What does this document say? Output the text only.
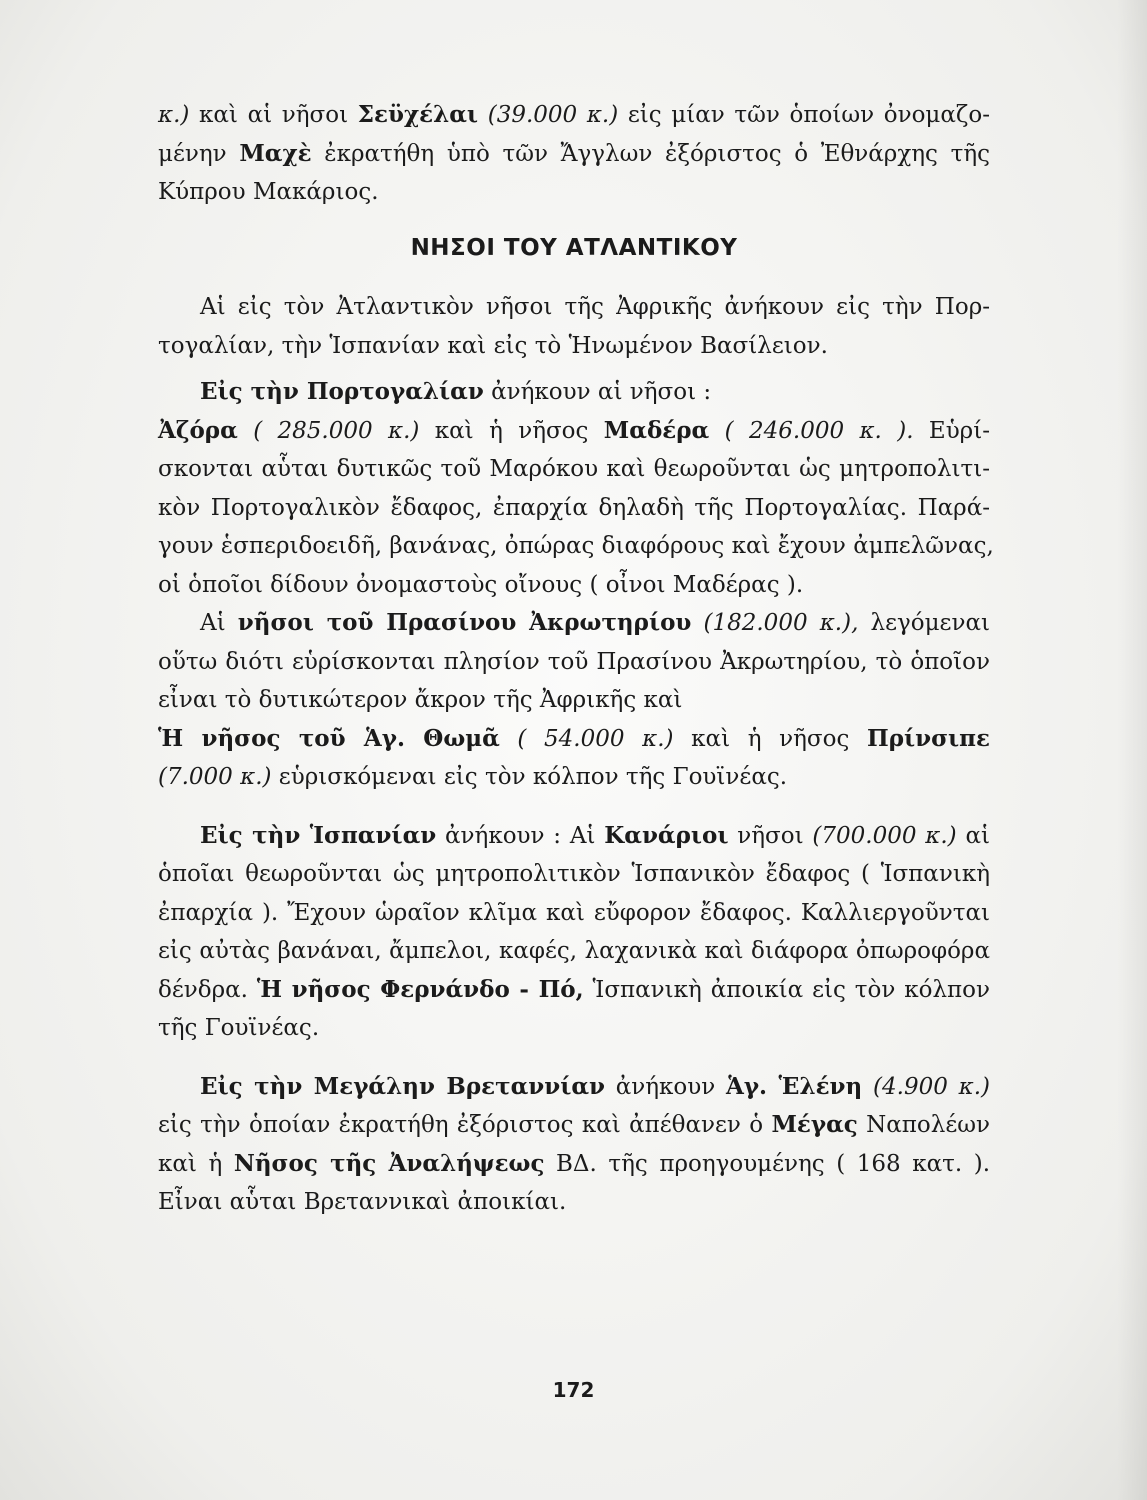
κ.) καὶ αἱ νῆσοι Σεϋχέλαι (39.000 κ.) εἰς μίαν τῶν ὁποίων ὀνομαζο-
μένην Μαχὲ ἐκρατήθη ὑπὸ τῶν Ἄγγλων ἐξόριστος ὁ Ἐθνάρχης τῆς
Κύπρου Μακάριος.
ΝΗΣΟΙ ΤΟΥ ΑΤΛΑΝΤΙΚΟΥ
Αἱ εἰς τὸν Ἀτλαντικὸν νῆσοι τῆς Ἀφρικῆς ἀνήκουν εἰς τὴν Πορ-
τογαλίαν, τὴν Ἱσπανίαν καὶ εἰς τὸ Ἡνωμένον Βασίλειον.
Εἰς τὴν Πορτογαλίαν ἀνήκουν αἱ νῆσοι :
Ἀζόρα ( 285.000 κ.) καὶ ἡ νῆσος Μαδέρα ( 246.000 κ. ). Εὑρί-
σκονται αὗται δυτικῶς τοῦ Μαρόκου καὶ θεωροῦνται ὡς μητροπολιτι-
κὸν Πορτογαλικὸν ἔδαφος, ἐπαρχία δηλαδὴ τῆς Πορτογαλίας. Παρά-
γουν ἑσπεριδοειδῆ, βανάνας, ὀπώρας διαφόρους καὶ ἔχουν ἀμπελῶνας,
οἱ ὁποῖοι δίδουν ὀνομαστοὺς οἴνους ( οἶνοι Μαδέρας ).
Αἱ νῆσοι τοῦ Πρασίνου Ἀκρωτηρίου (182.000 κ.), λεγόμεναι
οὕτω διότι εὑρίσκονται πλησίον τοῦ Πρασίνου Ἀκρωτηρίου, τὸ ὁποῖον
εἶναι τὸ δυτικώτερον ἄκρον τῆς Ἀφρικῆς καὶ
Ἡ νῆσος τοῦ Ἁγ. Θωμᾶ ( 54.000 κ.) καὶ ἡ νῆσος Πρίνσιπε
(7.000 κ.) εὑρισκόμεναι εἰς τὸν κόλπον τῆς Γουϊνέας.
Εἰς τὴν Ἱσπανίαν ἀνήκουν : Αἱ Κανάριοι νῆσοι (700.000 κ.) αἱ
ὁποῖαι θεωροῦνται ὡς μητροπολιτικὸν Ἱσπανικὸν ἔδαφος ( Ἱσπανικὴ
ἐπαρχία ). Ἔχουν ὡραῖον κλῖμα καὶ εὔφορον ἔδαφος. Καλλιεργοῦνται
εἰς αὐτὰς βανάναι, ἄμπελοι, καφές, λαχανικὰ καὶ διάφορα ὀπωροφόρα
δένδρα. Ἡ νῆσος Φερνάνδο - Πό, Ἱσπανικὴ ἀποικία εἰς τὸν κόλπον
τῆς Γουϊνέας.
Εἰς τὴν Μεγάλην Βρεταννίαν ἀνήκουν Ἁγ. Ἑλένη (4.900 κ.)
εἰς τὴν ὁποίαν ἐκρατήθη ἐξόριστος καὶ ἀπέθανεν ὁ Μέγας Ναπολέων
καὶ ἡ Νῆσος τῆς Ἀναλήψεως ΒΔ. τῆς προηγουμένης ( 168 κατ. ).
Εἶναι αὗται Βρεταννικαὶ ἀποικίαι.
172
